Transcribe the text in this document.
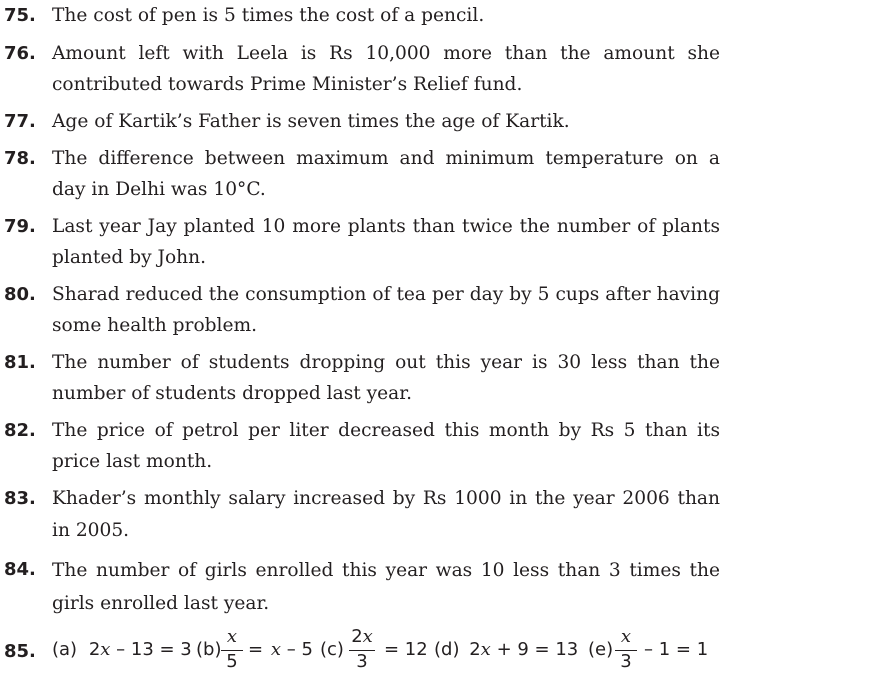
75. The cost of pen is 5 times the cost of a pencil.
76. Amount left with Leela is Rs 10,000 more than the amount she
contributed towards Prime Minister’s Relief fund.
77. Age of Kartik’s Father is seven times the age of Kartik.
78. The difference between maximum and minimum temperature on a
day in Delhi was 10°C.
79. Last year Jay planted 10 more plants than twice the number of plants
planted by John.
80. Sharad reduced the consumption of tea per day by 5 cups after having
some health problem.
81. The number of students dropping out this year is 30 less than the
number of students dropped last year.
82. The price of petrol per liter decreased this month by Rs 5 than its
price last month.
83. Khader’s monthly salary increased by Rs 1000 in the year 2006 than
in 2005.
84. The number of girls enrolled this year was 10 less than 3 times the
girls enrolled last year.
85. (a) 2x – 13 = 3 (b)
x
5
= x – 5 (c)
2x
3
= 12 (d) 2x + 9 = 13 (e)
x
3
– 1 = 1
